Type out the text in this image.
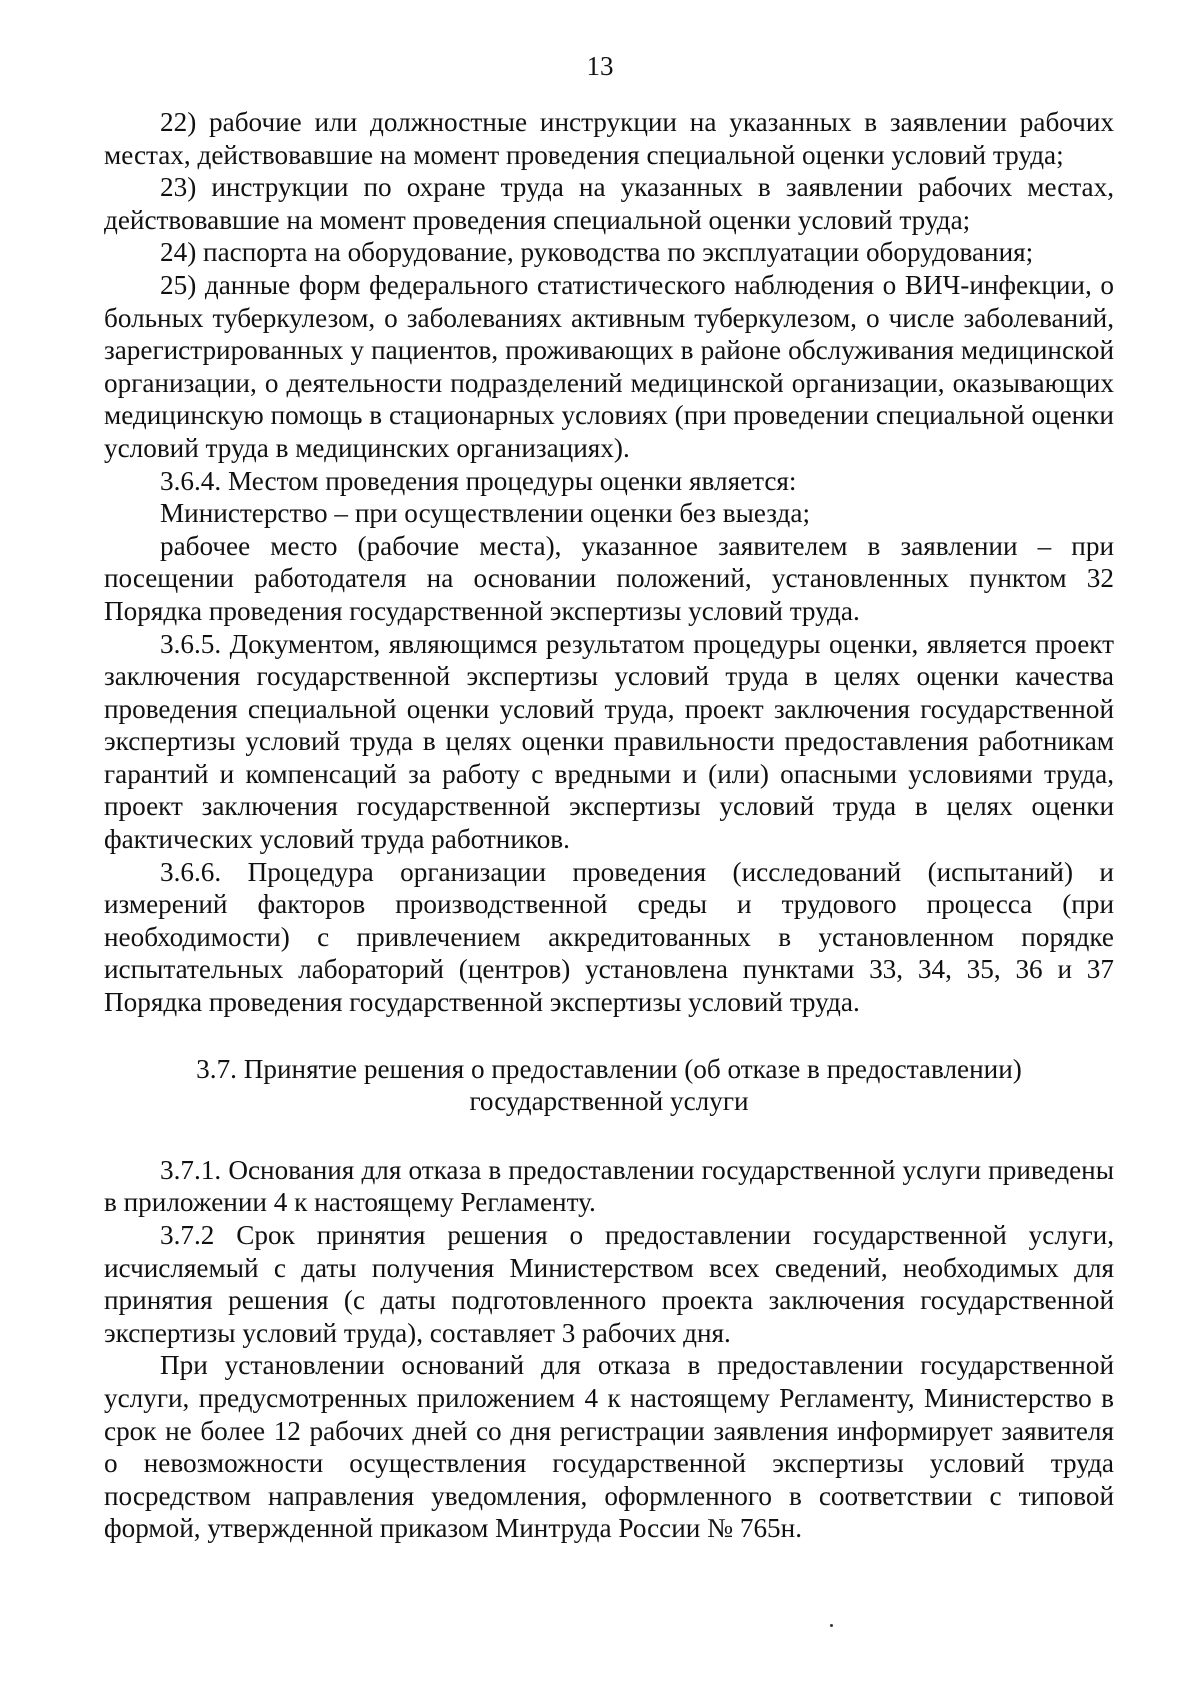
13

22) рабочие или должностные инструкции на указанных в заявлении рабочих местах, действовавшие на момент проведения специальной оценки условий труда;

23) инструкции по охране труда на указанных в заявлении рабочих местах, действовавшие на момент проведения специальной оценки условий труда;

24) паспорта на оборудование, руководства по эксплуатации оборудования;

25) данные форм федерального статистического наблюдения о ВИЧ-инфекции, о больных туберкулезом, о заболеваниях активным туберкулезом, о числе заболеваний, зарегистрированных у пациентов, проживающих в районе обслуживания медицинской организации, о деятельности подразделений медицинской организации, оказывающих медицинскую помощь в стационарных условиях (при проведении специальной оценки условий труда в медицинских организациях).

3.6.4. Местом проведения процедуры оценки является:

Министерство – при осуществлении оценки без выезда;

рабочее место (рабочие места), указанное заявителем в заявлении – при посещении работодателя на основании положений, установленных пунктом 32 Порядка проведения государственной экспертизы условий труда.

3.6.5. Документом, являющимся результатом процедуры оценки, является проект заключения государственной экспертизы условий труда в целях оценки качества проведения специальной оценки условий труда, проект заключения государственной экспертизы условий труда в целях оценки правильности предоставления работникам гарантий и компенсаций за работу с вредными и (или) опасными условиями труда, проект заключения государственной экспертизы условий труда в целях оценки фактических условий труда работников.

3.6.6. Процедура организации проведения (исследований (испытаний) и измерений факторов производственной среды и трудового процесса (при необходимости) с привлечением аккредитованных в установленном порядке испытательных лабораторий (центров) установлена пунктами 33, 34, 35, 36 и 37 Порядка проведения государственной экспертизы условий труда.

3.7. Принятие решения о предоставлении (об отказе в предоставлении)
государственной услуги

3.7.1. Основания для отказа в предоставлении государственной услуги приведены в приложении 4 к настоящему Регламенту.

3.7.2 Срок принятия решения о предоставлении государственной услуги, исчисляемый с даты получения Министерством всех сведений, необходимых для принятия решения (с даты подготовленного проекта заключения государственной экспертизы условий труда), составляет 3 рабочих дня.

При установлении оснований для отказа в предоставлении государственной услуги, предусмотренных приложением 4 к настоящему Регламенту, Министерство в срок не более 12 рабочих дней со дня регистрации заявления информирует заявителя о невозможности осуществления государственной экспертизы условий труда посредством направления уведомления, оформленного в соответствии с типовой формой, утвержденной приказом Минтруда России № 765н.
